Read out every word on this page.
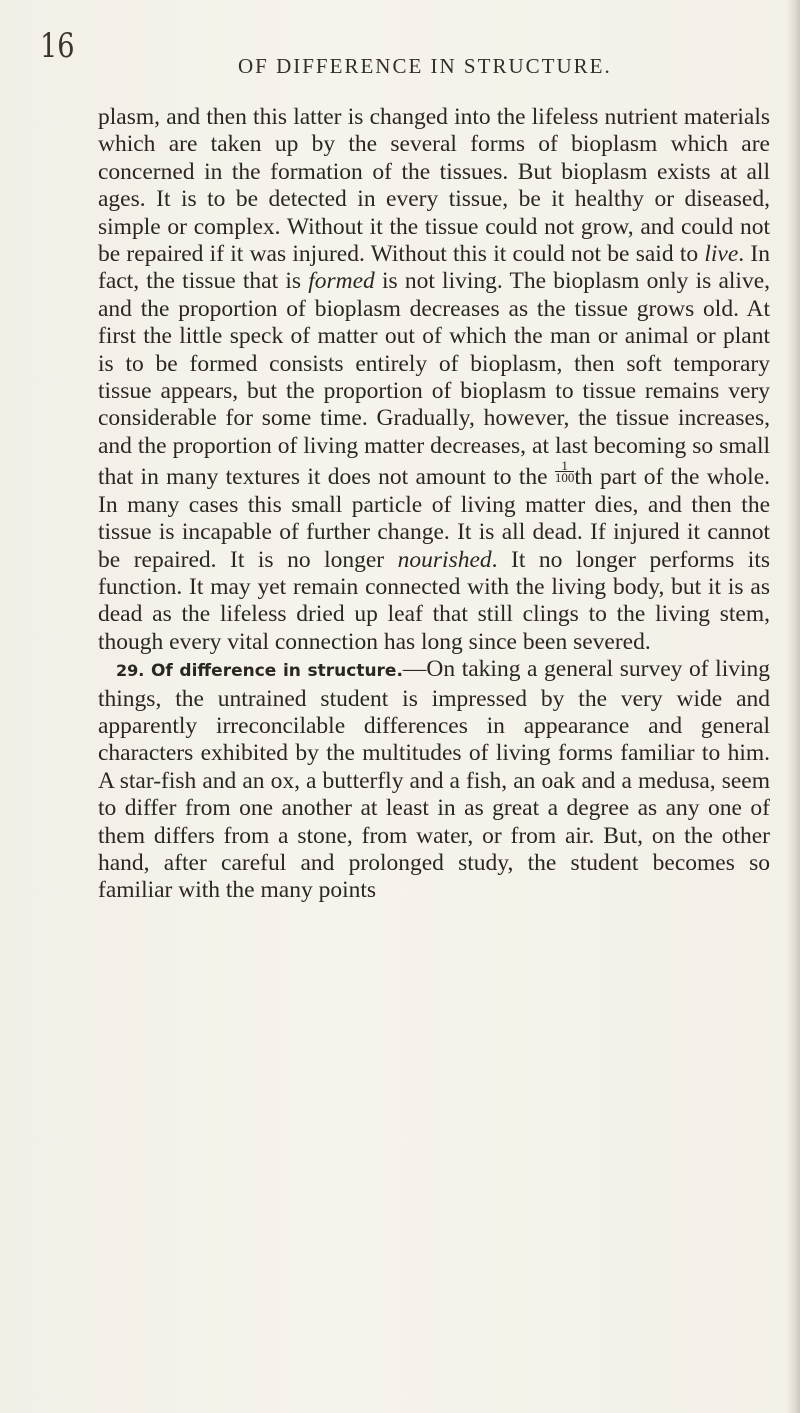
16	OF DIFFERENCE IN STRUCTURE.

plasm, and then this latter is changed into the lifeless nutrient materials which are taken up by the several forms of bioplasm which are concerned in the formation of the tissues. But bioplasm exists at all ages. It is to be detected in every tissue, be it healthy or diseased, simple or complex. Without it the tissue could not grow, and could not be repaired if it was injured. Without this it could not be said to live. In fact, the tissue that is formed is not living. The bioplasm only is alive, and the proportion of bioplasm decreases as the tissue grows old. At first the little speck of matter out of which the man or animal or plant is to be formed consists entirely of bioplasm, then soft temporary tissue appears, but the proportion of bioplasm to tissue remains very considerable for some time. Gradually, however, the tissue increases, and the proportion of living matter decreases, at last becoming so small that in many textures it does not amount to the $\frac{1}{100}$ th part of the whole. In many cases this small particle of living matter dies, and then the tissue is incapable of further change. It is all dead. If injured it cannot be repaired. It is no longer nourished. It no longer performs its function. It may yet remain connected with the living body, but it is as dead as the lifeless dried up leaf that still clings to the living stem, though every vital connection has long since been severed.

29. Of difference in structure.—On taking a general survey of living things, the untrained student is impressed by the very wide and apparently irreconcilable differences in appearance and general characters exhibited by the multitudes of living forms familiar to him. A star-fish and an ox, a butterfly and a fish, an oak and a medusa, seem to differ from one another at least in as great a degree as any one of them differs from a stone, from water, or from air. But, on the other hand, after careful and prolonged study, the student becomes so familiar with the many points
